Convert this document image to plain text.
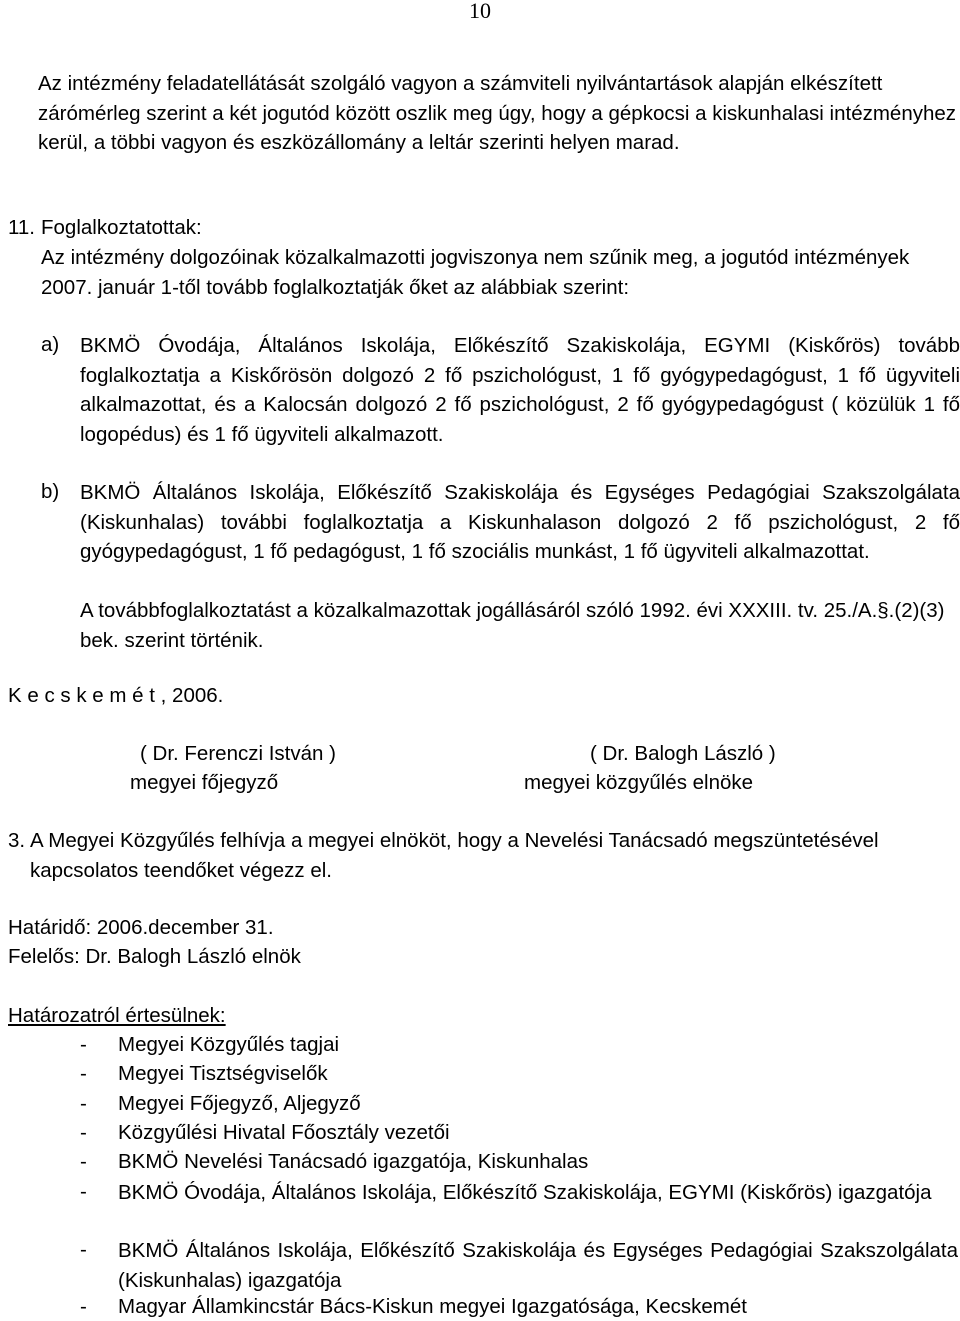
10
Az intézmény feladatellátását szolgáló vagyon a számviteli nyilvántartások alapján elkészített zárómérleg szerint a két jogutód között oszlik meg úgy, hogy a gépkocsi a kiskunhalasi intézményhez kerül, a többi vagyon és eszközállomány a leltár szerinti helyen marad.
11. Foglalkoztatottak:
Az intézmény dolgozóinak közalkalmazotti jogviszonya nem szűnik meg, a jogutód intézmények 2007. január 1-től tovább foglalkoztatják őket az alábbiak szerint:
a) BKMÖ Óvodája, Általános Iskolája, Előkészítő Szakiskolája, EGYMI (Kiskőrös) tovább foglalkoztatja a Kiskőrösön dolgozó 2 fő pszichológust, 1 fő gyógypedagógust, 1 fő ügyviteli alkalmazottat, és a Kalocsán dolgozó 2 fő pszichológust, 2 fő gyógypedagógust ( közülük 1 fő logopédus) és 1 fő ügyviteli alkalmazott.
b) BKMÖ Általános Iskolája, Előkészítő Szakiskolája és Egységes Pedagógiai Szakszolgálata (Kiskunhalas) további foglalkoztatja a Kiskunhalason dolgozó 2 fő pszichológust, 2 fő gyógypedagógust, 1 fő pedagógust, 1 fő szociális munkást, 1 fő ügyviteli alkalmazottat.
A továbbfoglalkoztatást a közalkalmazottak jogállásáról szóló 1992. évi XXXIII. tv. 25./A.§.(2)(3) bek. szerint történik.
K e c s k e m é t , 2006.
( Dr. Ferenczi István )
megyei főjegyző
( Dr. Balogh László )
megyei közgyűlés elnöke
3. A Megyei Közgyűlés felhívja a megyei elnököt, hogy a Nevelési Tanácsadó megszüntetésével kapcsolatos teendőket végezz el.
Határidő: 2006.december 31.
Felelős: Dr. Balogh László elnök
Határozatról értesülnek:
- Megyei Közgyűlés tagjai
- Megyei Tisztségviselők
- Megyei Főjegyző, Aljegyző
- Közgyűlési Hivatal Főosztály vezetői
- BKMÖ Nevelési Tanácsadó igazgatója, Kiskunhalas
- BKMÖ Óvodája, Általános Iskolája, Előkészítő Szakiskolája, EGYMI (Kiskőrös) igazgatója
- BKMÖ Általános Iskolája, Előkészítő Szakiskolája és Egységes Pedagógiai Szakszolgálata (Kiskunhalas) igazgatója
- Magyar Államkincstár Bács-Kiskun megyei Igazgatósága, Kecskemét
